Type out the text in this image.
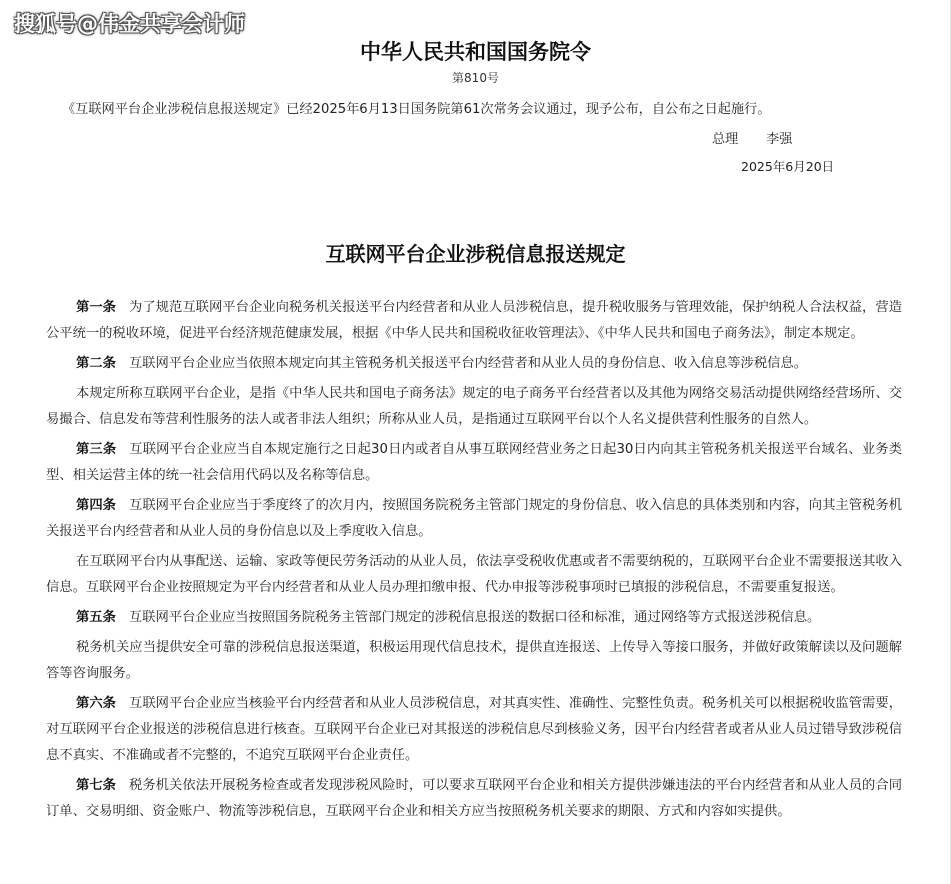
搜狐号@伟金共享会计师
中华人民共和国国务院令
第810号
《互联网平台企业涉税信息报送规定》已经2025年6月13日国务院第61次常务会议通过，现予公布，自公布之日起施行。
总理 李强
2025年6月20日
互联网平台企业涉税信息报送规定

第一条 为了规范互联网平台企业向税务机关报送平台内经营者和从业人员涉税信息，提升税收服务与管理效能，保护纳税人合法权益，营造公平统一的税收环境，促进平台经济规范健康发展，根据《中华人民共和国税收征收管理法》、《中华人民共和国电子商务法》，制定本规定。

第二条 互联网平台企业应当依照本规定向其主管税务机关报送平台内经营者和从业人员的身份信息、收入信息等涉税信息。

本规定所称互联网平台企业，是指《中华人民共和国电子商务法》规定的电子商务平台经营者以及其他为网络交易活动提供网络经营场所、交易撮合、信息发布等营利性服务的法人或者非法人组织；所称从业人员，是指通过互联网平台以个人名义提供营利性服务的自然人。

第三条 互联网平台企业应当自本规定施行之日起30日内或者自从事互联网经营业务之日起30日内向其主管税务机关报送平台域名、业务类型、相关运营主体的统一社会信用代码以及名称等信息。

第四条 互联网平台企业应当于季度终了的次月内，按照国务院税务主管部门规定的身份信息、收入信息的具体类别和内容，向其主管税务机关报送平台内经营者和从业人员的身份信息以及上季度收入信息。

在互联网平台内从事配送、运输、家政等便民劳务活动的从业人员，依法享受税收优惠或者不需要纳税的，互联网平台企业不需要报送其收入信息。互联网平台企业按照规定为平台内经营者和从业人员办理扣缴申报、代办申报等涉税事项时已填报的涉税信息，不需要重复报送。

第五条 互联网平台企业应当按照国务院税务主管部门规定的涉税信息报送的数据口径和标准，通过网络等方式报送涉税信息。

税务机关应当提供安全可靠的涉税信息报送渠道，积极运用现代信息技术，提供直连报送、上传导入等接口服务，并做好政策解读以及问题解答等咨询服务。

第六条 互联网平台企业应当核验平台内经营者和从业人员涉税信息，对其真实性、准确性、完整性负责。税务机关可以根据税收监管需要，对互联网平台企业报送的涉税信息进行核查。互联网平台企业已对其报送的涉税信息尽到核验义务，因平台内经营者或者从业人员过错导致涉税信息不真实、不准确或者不完整的，不追究互联网平台企业责任。

第七条 税务机关依法开展税务检查或者发现涉税风险时，可以要求互联网平台企业和相关方提供涉嫌违法的平台内经营者和从业人员的合同订单、交易明细、资金账户、物流等涉税信息，互联网平台企业和相关方应当按照税务机关要求的期限、方式和内容如实提供。
